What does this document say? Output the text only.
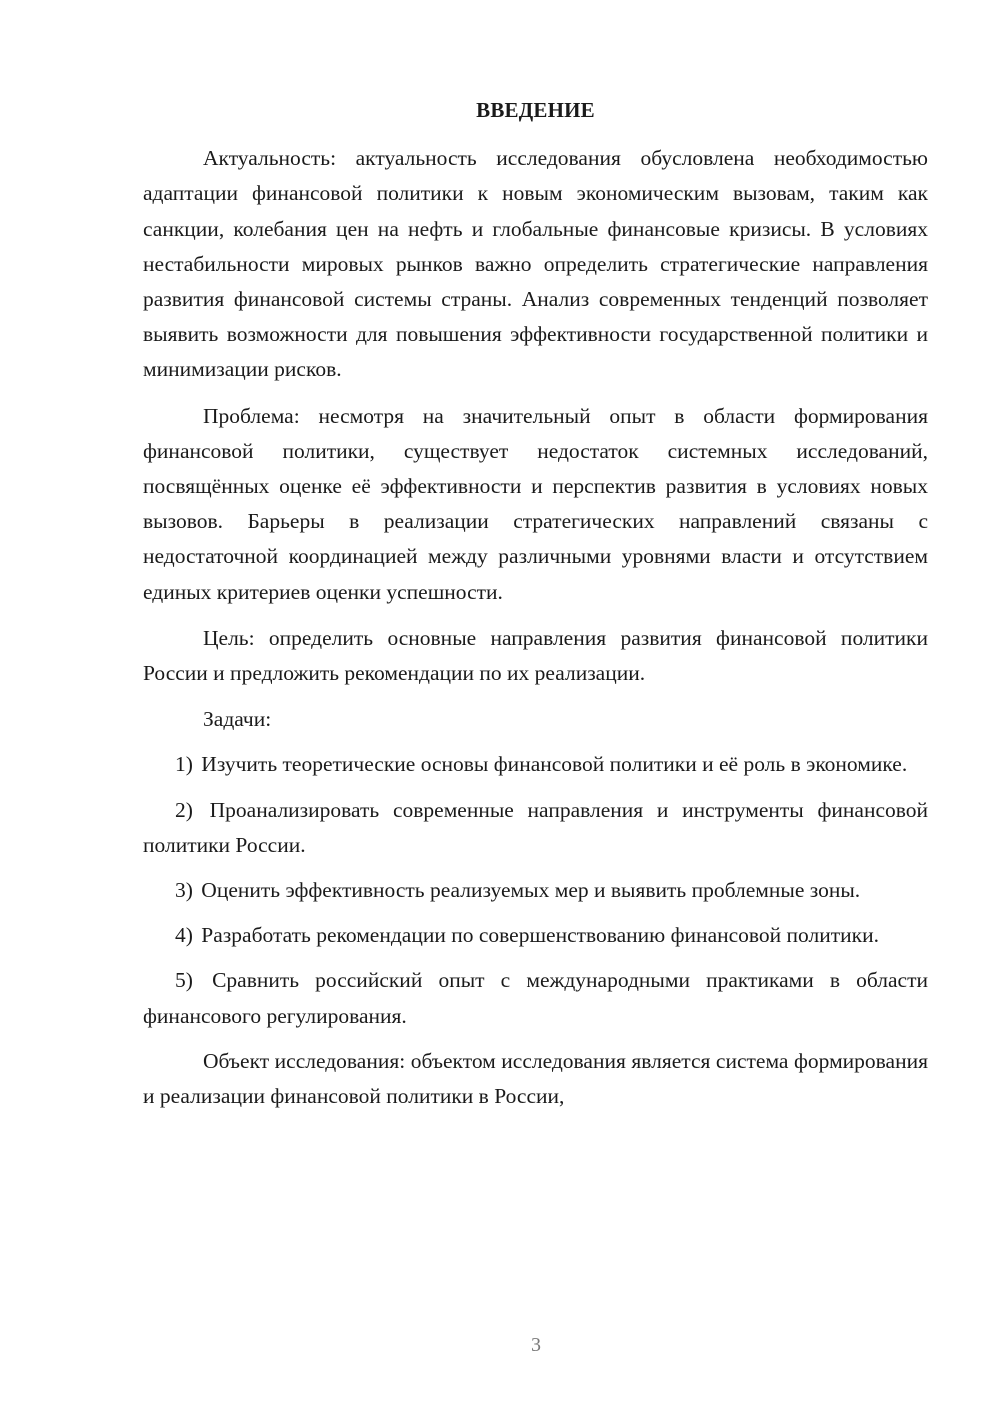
ВВЕДЕНИЕ

Актуальность: актуальность исследования обусловлена необходимостью адаптации финансовой политики к новым экономическим вызовам, таким как санкции, колебания цен на нефть и глобальные финансовые кризисы. В условиях нестабильности мировых рынков важно определить стратегические направления развития финансовой системы страны. Анализ современных тенденций позволяет выявить возможности для повышения эффективности государственной политики и минимизации рисков.

Проблема: несмотря на значительный опыт в области формирования финансовой политики, существует недостаток системных исследований, посвящённых оценке её эффективности и перспектив развития в условиях новых вызовов. Барьеры в реализации стратегических направлений связаны с недостаточной координацией между различными уровнями власти и отсутствием единых критериев оценки успешности.

Цель: определить основные направления развития финансовой политики России и предложить рекомендации по их реализации.

Задачи:

1) Изучить теоретические основы финансовой политики и её роль в экономике.

2) Проанализировать современные направления и инструменты финансовой политики России.

3) Оценить эффективность реализуемых мер и выявить проблемные зоны.

4) Разработать рекомендации по совершенствованию финансовой политики.

5) Сравнить российский опыт с международными практиками в области финансового регулирования.

Объект исследования: объектом исследования является система формирования и реализации финансовой политики в России,

3
